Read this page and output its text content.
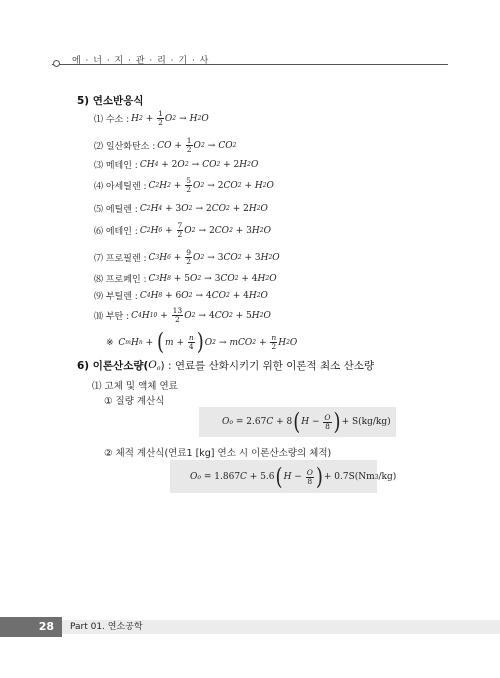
에 · 너 · 지 · 관 · 리 · 기 · 사
5) 연소반응식
⑴ 수소 : H $2 + \frac{1}{2}$ O 2 → H 2 O
⑵ 일산화탄소 : CO + $\frac{1}{2}$ O 2 → CO 2
⑶ 메테인 : CH 4 + 2 O 2 → CO 2 + 2 H 2 O
⑷ 아세틸렌 : C 2 H $2 + \frac{5}{2}$ O 2 → 2 CO 2 + H 2 O
⑸ 에틸렌 : C 2 H 4 + 3 O 2 → 2 CO 2 + 2 H 2 O
⑹ 에테인 : C 2 H $6 + \frac{7}{2}$ O 2 → 2 CO 2 + 3 H 2 O
⑺ 프로필렌 : C 3 H $6 + \frac{9}{2}$ O 2 → 3 CO 2 + 3 H 2 O
⑻ 프로페인 : C 3 H 8 + 5 O 2 → 3 CO 2 + 4 H 2 O
⑼ 부틸렌 : C 4 H 8 + 6 O 2 → 4 CO 2 + 4 H 2 O
⑽ 부탄 : C 4 H $10 + \frac{13}{2}$ O 2 → 4 CO 2 + 5 H 2 O
※ C m H n + ( $m + \frac{n}{4}$ ) O 2 → mCO $2 + \frac{n}{2}$ H 2 O
6) 이론산소량( $O_o$ ) : 연료를 산화시키기 위한 이론적 최소 산소량
⑴ 고체 및 액체 연료
① 질량 계산식
O o = 2.67 C + 8 ( $H - \frac{O}{8}$ ) + S(kg/kg)
② 체적 계산식(연료1 [kg] 연소 시 이론산소량의 체적)
O o = 1.867 C + 5.6 ( $H - \frac{O}{8}$ ) + 0.7S(Nm 3 /kg)
28	Part 01. 연소공학
